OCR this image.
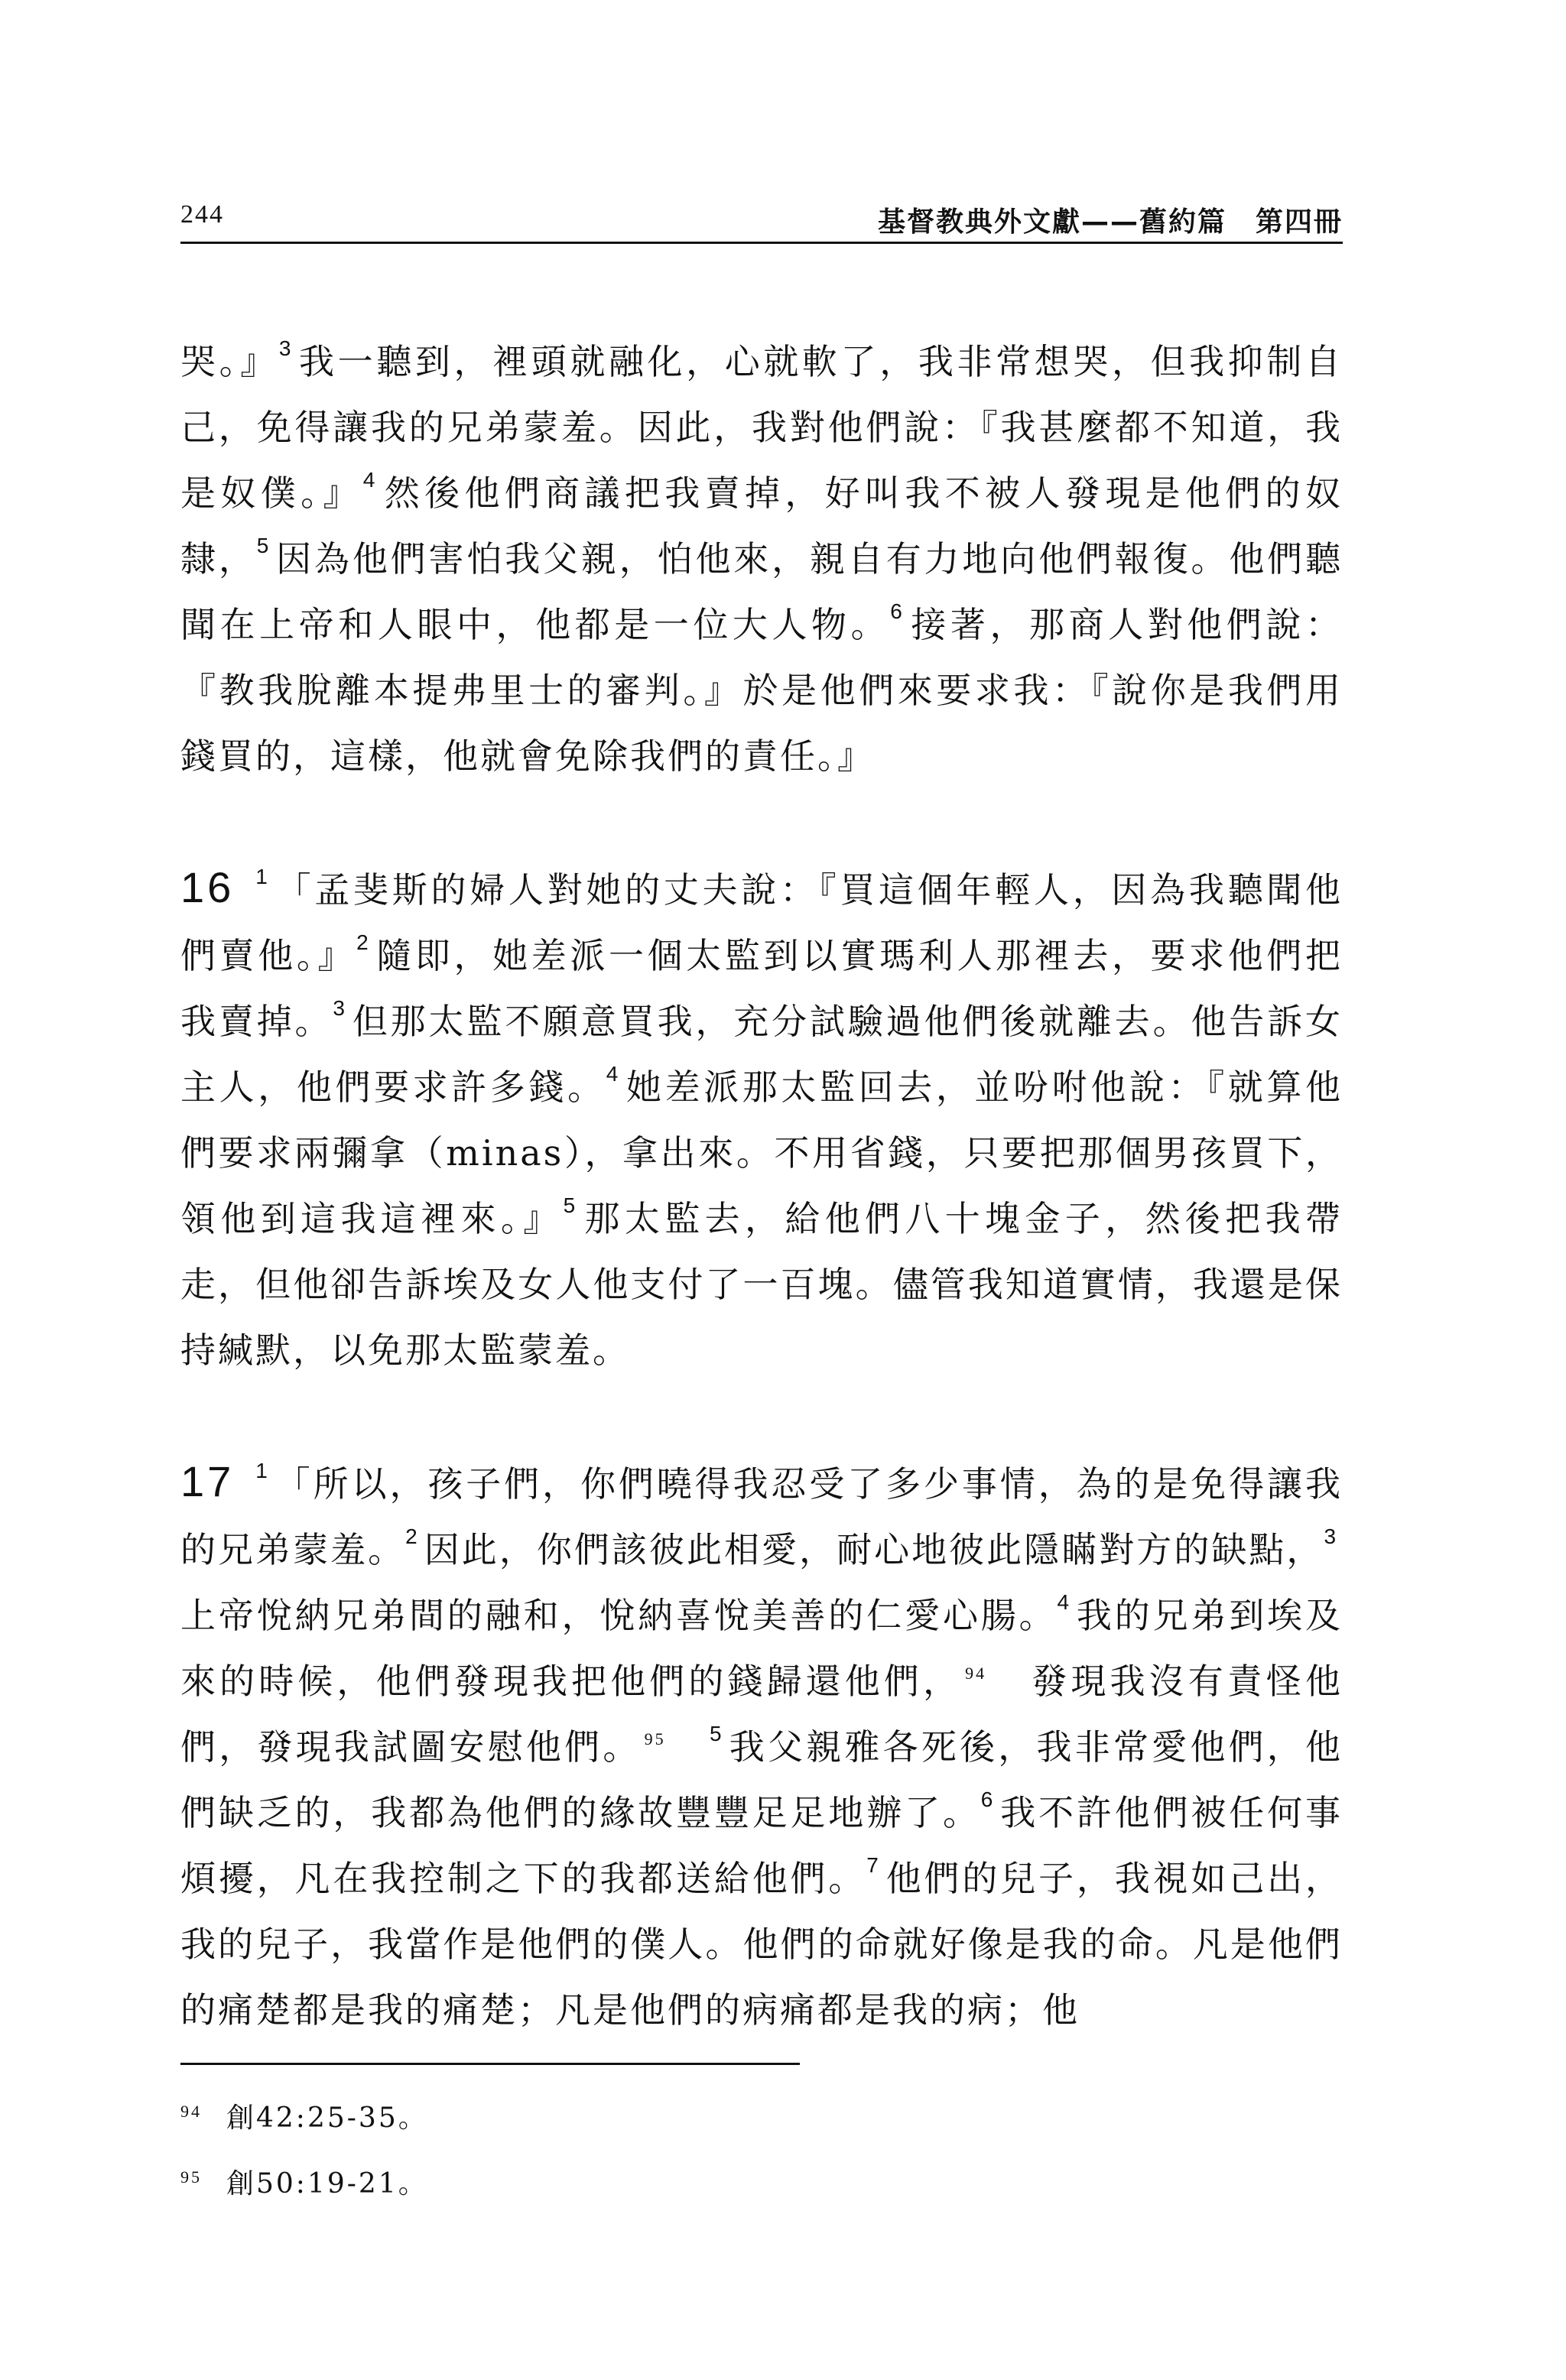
244	基督教典外文獻——舊約篇　第四冊

哭。』$^3$ 我一聽到，裡頭就融化，心就軟了，我非常想哭，但我抑制自己，免得讓我的兄弟蒙羞。因此，我對他們說：『我甚麼都不知道，我是奴僕。』$^4$ 然後他們商議把我賣掉，好叫我不被人發現是他們的奴隸，$^5$ 因為他們害怕我父親，怕他來，親自有力地向他們報復。他們聽聞在上帝和人眼中，他都是一位大人物。$^6$ 接著，那商人對他們說：『教我脫離本提弗里士的審判。』於是他們來要求我：『說你是我們用錢買的，這樣，他就會免除我們的責任。』

16 $^1$ 「孟斐斯的婦人對她的丈夫說：『買這個年輕人，因為我聽聞他們賣他。』$^2$ 隨即，她差派一個太監到以實瑪利人那裡去，要求他們把我賣掉。$^3$ 但那太監不願意買我，充分試驗過他們後就離去。他告訴女主人，他們要求許多錢。$^4$ 她差派那太監回去，並吩咐他說：『就算他們要求兩彌拿（minas），拿出來。不用省錢，只要把那個男孩買下，領他到這我這裡來。』$^5$ 那太監去，給他們八十塊金子，然後把我帶走，但他卻告訴埃及女人他支付了一百塊。儘管我知道實情，我還是保持緘默，以免那太監蒙羞。

17 $^1$ 「所以，孩子們，你們曉得我忍受了多少事情，為的是免得讓我的兄弟蒙羞。$^2$ 因此，你們該彼此相愛，耐心地彼此隱瞞對方的缺點，$^3$上帝悅納兄弟間的融和，悅納喜悅美善的仁愛心腸。$^4$ 我的兄弟到埃及來的時候，他們發現我把他們的錢歸還他們， $^{94}$　發現我沒有責怪他們，發現我試圖安慰他們。 $^{95}$　 $^5$ 我父親雅各死後，我非常愛他們，他們缺乏的，我都為他們的緣故豐豐足足地辦了。$^6$ 我不許他們被任何事煩擾，凡在我控制之下的我都送給他們。$^7$ 他們的兒子，我視如己出，我的兒子，我當作是他們的僕人。他們的命就好像是我的命。凡是他們的痛楚都是我的痛楚；凡是他們的病痛都是我的病；他

94 創42:25-35。

95 創50:19-21。
